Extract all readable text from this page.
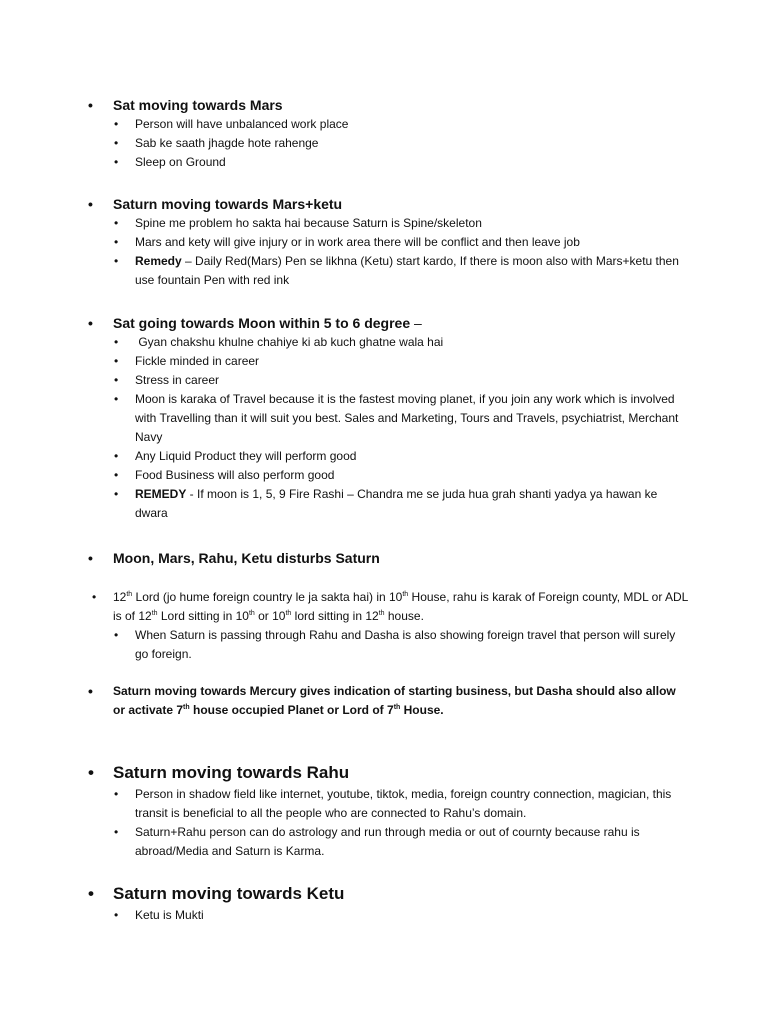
• Sat moving towards Mars
• Person will have unbalanced work place
• Sab ke saath jhagde hote rahenge
• Sleep on Ground
• Saturn moving towards Mars+ketu
• Spine me problem ho sakta hai because Saturn is Spine/skeleton
• Mars and kety will give injury or in work area there will be conflict and then leave job
• Remedy – Daily Red(Mars) Pen se likhna (Ketu) start kardo, If there is moon also with Mars+ketu then use fountain Pen with red ink
• Sat going towards Moon within 5 to 6 degree –
• Gyan chakshu khulne chahiye ki ab kuch ghatne wala hai
• Fickle minded in career
• Stress in career
• Moon is karaka of Travel because it is the fastest moving planet, if you join any work which is involved with Travelling than it will suit you best. Sales and Marketing, Tours and Travels, psychiatrist, Merchant Navy
• Any Liquid Product they will perform good
• Food Business will also perform good
• REMEDY - If moon is 1, 5, 9 Fire Rashi – Chandra me se juda hua grah shanti yadya ya hawan ke dwara
• Moon, Mars, Rahu, Ketu disturbs Saturn
• 12th Lord (jo hume foreign country le ja sakta hai) in 10th House, rahu is karak of Foreign county, MDL or ADL is of 12th Lord sitting in 10th or 10th lord sitting in 12th house.
• When Saturn is passing through Rahu and Dasha is also showing foreign travel that person will surely go foreign.
• Saturn moving towards Mercury gives indication of starting business, but Dasha should also allow or activate 7th house occupied Planet or Lord of 7th House.
• Saturn moving towards Rahu
• Person in shadow field like internet, youtube, tiktok, media, foreign country connection, magician, this transit is beneficial to all the people who are connected to Rahu’s domain.
• Saturn+Rahu person can do astrology and run through media or out of cournty because rahu is abroad/Media and Saturn is Karma.
• Saturn moving towards Ketu
• Ketu is Mukti
